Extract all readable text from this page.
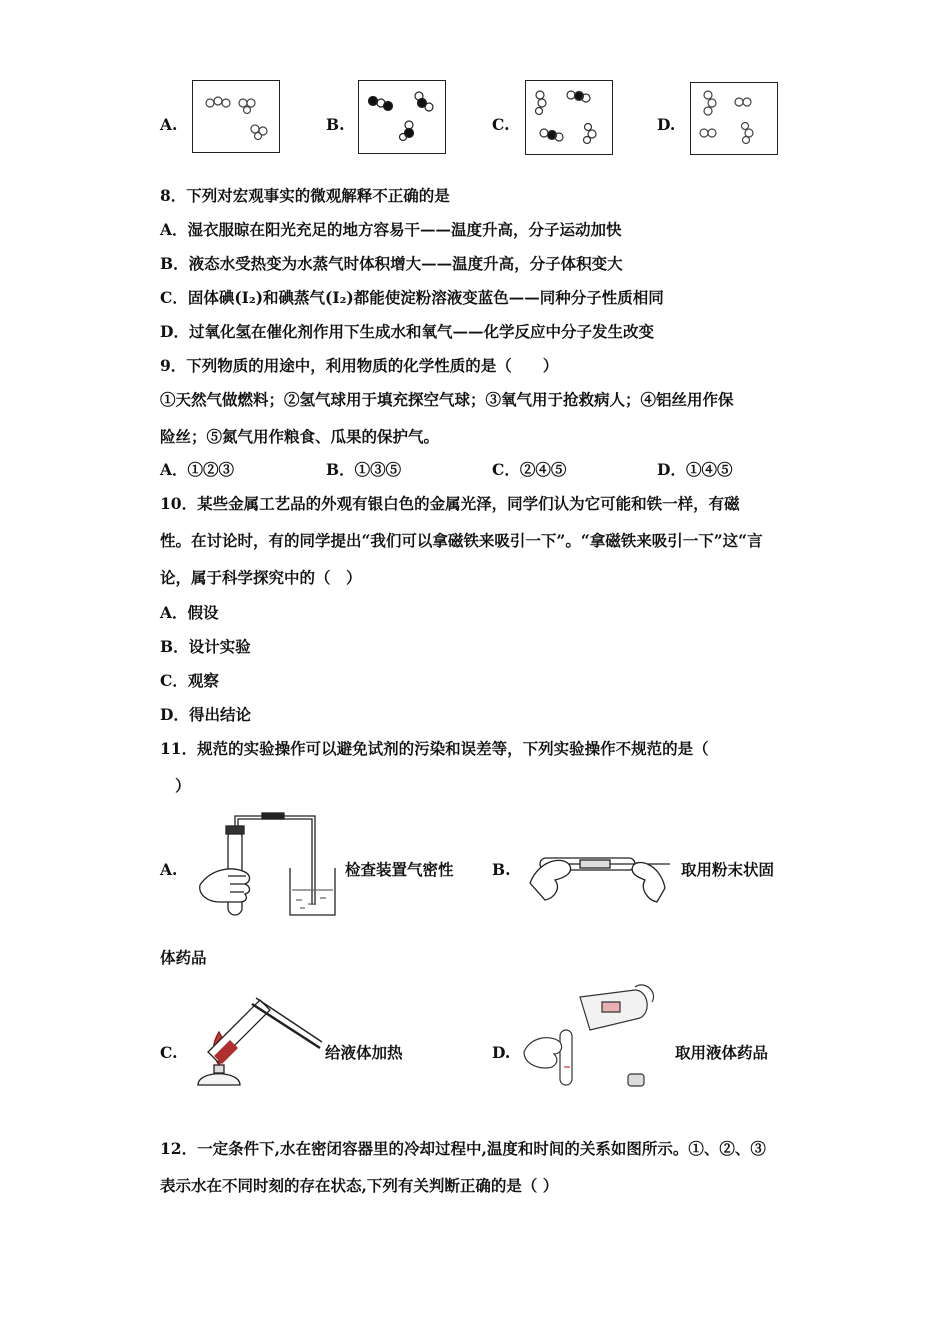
A.	B.	C.	D.
8．下列对宏观事实的微观解释不正确的是
A．湿衣服晾在阳光充足的地方容易干——温度升高，分子运动加快
B．液态水受热变为水蒸气时体积增大——温度升高，分子体积变大
C．固体碘(I₂)和碘蒸气(I₂)都能使淀粉溶液变蓝色——同种分子性质相同
D．过氧化氢在催化剂作用下生成水和氧气——化学反应中分子发生改变
9．下列物质的用途中，利用物质的化学性质的是（　　）
①天然气做燃料；②氢气球用于填充探空气球；③氧气用于抢救病人；④铝丝用作保
险丝；⑤氮气用作粮食、瓜果的保护气。
A．①②③	B．①③⑤	C．②④⑤	D．①④⑤
10．某些金属工艺品的外观有银白色的金属光泽，同学们认为它可能和铁一样，有磁
性。在讨论时，有的同学提出“我们可以拿磁铁来吸引一下”。“拿磁铁来吸引一下”这“言
论，属于科学探究中的（　）
A．假设
B．设计实验
C．观察
D．得出结论
11．规范的实验操作可以避免试剂的污染和误差等，下列实验操作不规范的是（
）
A.	检查装置气密性 B.	取用粉末状固
体药品
C.	给液体加热	D.	取用液体药品
12．一定条件下,水在密闭容器里的冷却过程中,温度和时间的关系如图所示。①、②、③
表示水在不同时刻的存在状态,下列有关判断正确的是（ ）
